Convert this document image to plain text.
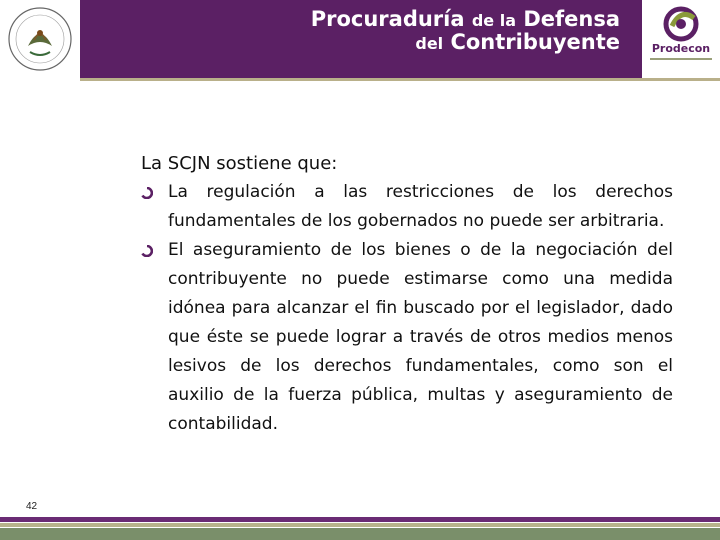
Procuraduría de la Defensa
del Contribuyente	Prodecon
La SCJN sostiene que:
La regulación a las restricciones de los derechos fundamentales de los gobernados no puede ser arbitraria.
El aseguramiento de los bienes o de la negociación del contribuyente no puede estimarse como una medida idónea para alcanzar el fin buscado por el legislador, dado que éste se puede lograr a través de otros medios menos lesivos de los derechos fundamentales, como son el auxilio de la fuerza pública, multas y aseguramiento de contabilidad.
42
